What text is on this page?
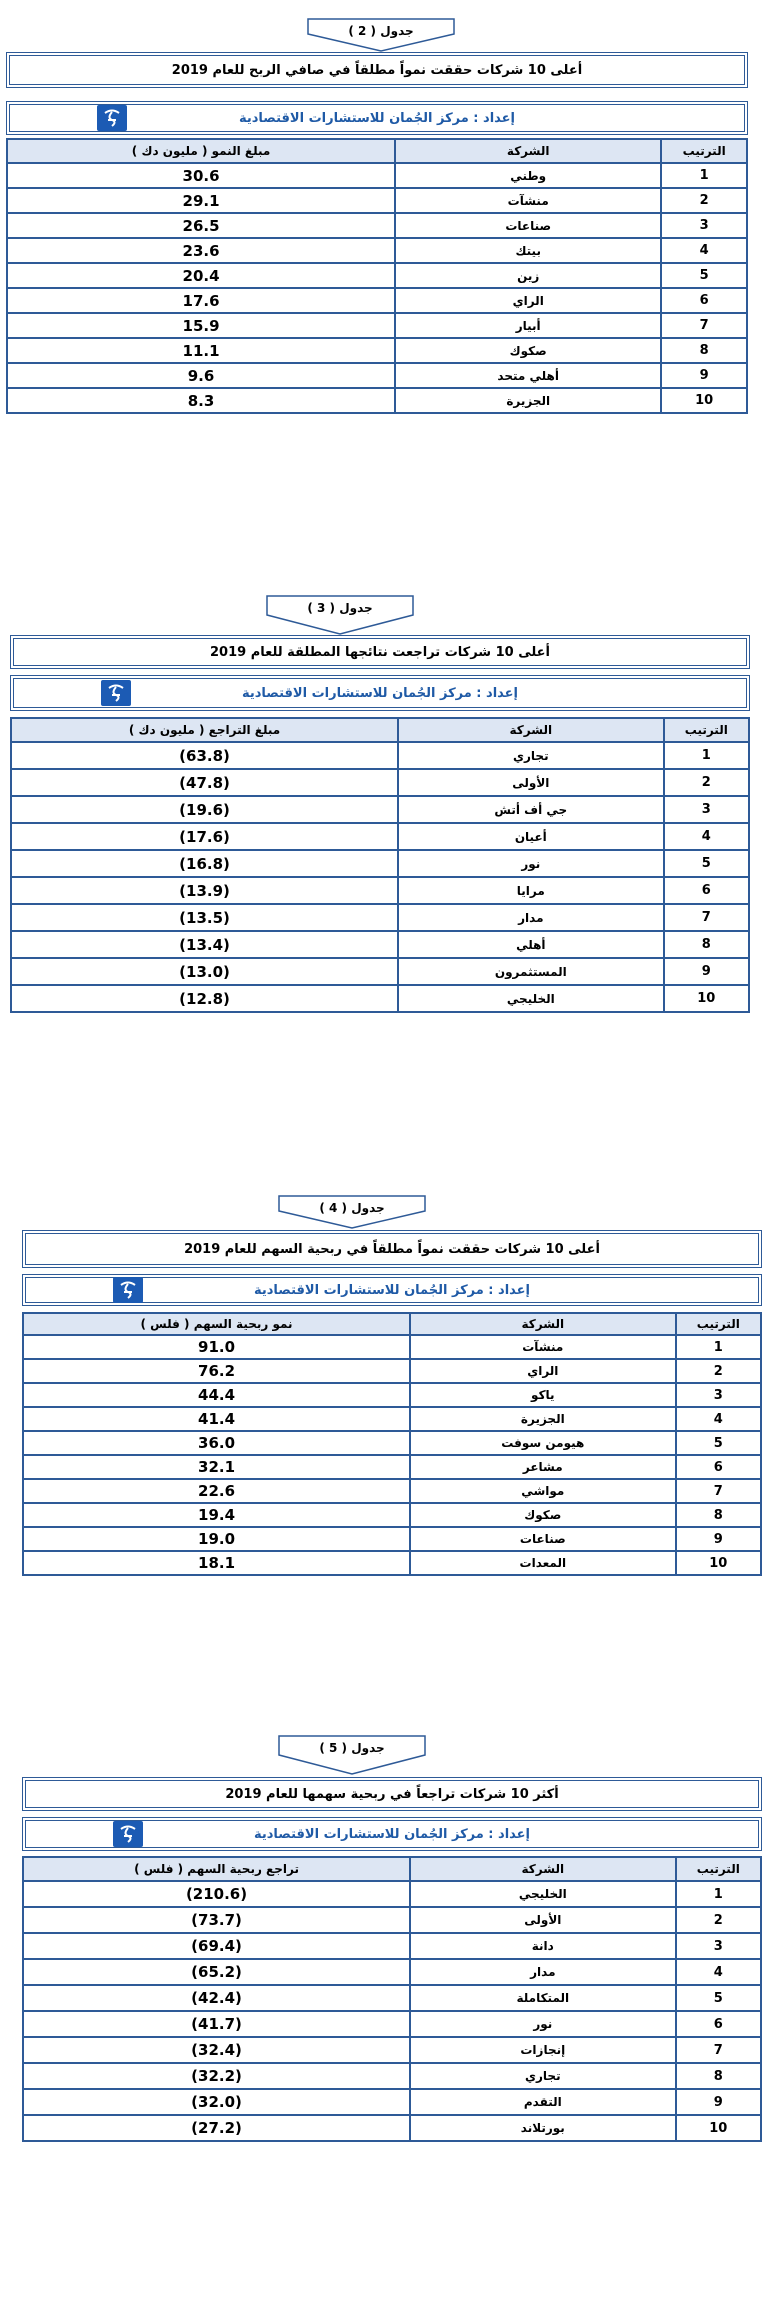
جدول ( 2 )
أعلى 10 شركات حققت نمواً مطلقاً في صافي الربح للعام 2019
إعداد : مركز الجُمان للاستشارات الاقتصادية
الترتيب	الشركة	مبلغ النمو ( مليون دك )
1	وطني	30.6
2	منشآت	29.1
3	صناعات	26.5
4	بيتك	23.6
5	زين	20.4
6	الراي	17.6
7	أبيار	15.9
8	صكوك	11.1
9	أهلي متحد	9.6
10	الجزيرة	8.3
جدول ( 3 )
أعلى 10 شركات تراجعت نتائجها المطلقة للعام 2019
إعداد : مركز الجُمان للاستشارات الاقتصادية
الترتيب	الشركة	مبلغ التراجع ( مليون دك )
1	تجاري	(63.8)
2	الأولى	(47.8)
3	جي أف أتش	(19.6)
4	أعيان	(17.6)
5	نور	(16.8)
6	مرايا	(13.9)
7	مدار	(13.5)
8	أهلي	(13.4)
9	المستثمرون	(13.0)
10	الخليجي	(12.8)
جدول ( 4 )
أعلى 10 شركات حققت نمواً مطلقاً في ربحية السهم للعام 2019
إعداد : مركز الجُمان للاستشارات الاقتصادية
الترتيب	الشركة	نمو ربحية السهم ( فلس )
1	منشآت	91.0
2	الراي	76.2
3	ياكو	44.4
4	الجزيرة	41.4
5	هيومن سوفت	36.0
6	مشاعر	32.1
7	مواشي	22.6
8	صكوك	19.4
9	صناعات	19.0
10	المعدات	18.1
جدول ( 5 )
أكثر 10 شركات تراجعاً في ربحية سهمها للعام 2019
إعداد : مركز الجُمان للاستشارات الاقتصادية
الترتيب	الشركة	تراجع ربحية السهم ( فلس )
1	الخليجي	(210.6)
2	الأولى	(73.7)
3	دانة	(69.4)
4	مدار	(65.2)
5	المتكاملة	(42.4)
6	نور	(41.7)
7	إنجازات	(32.4)
8	تجاري	(32.2)
9	التقدم	(32.0)
10	بورتلاند	(27.2)
